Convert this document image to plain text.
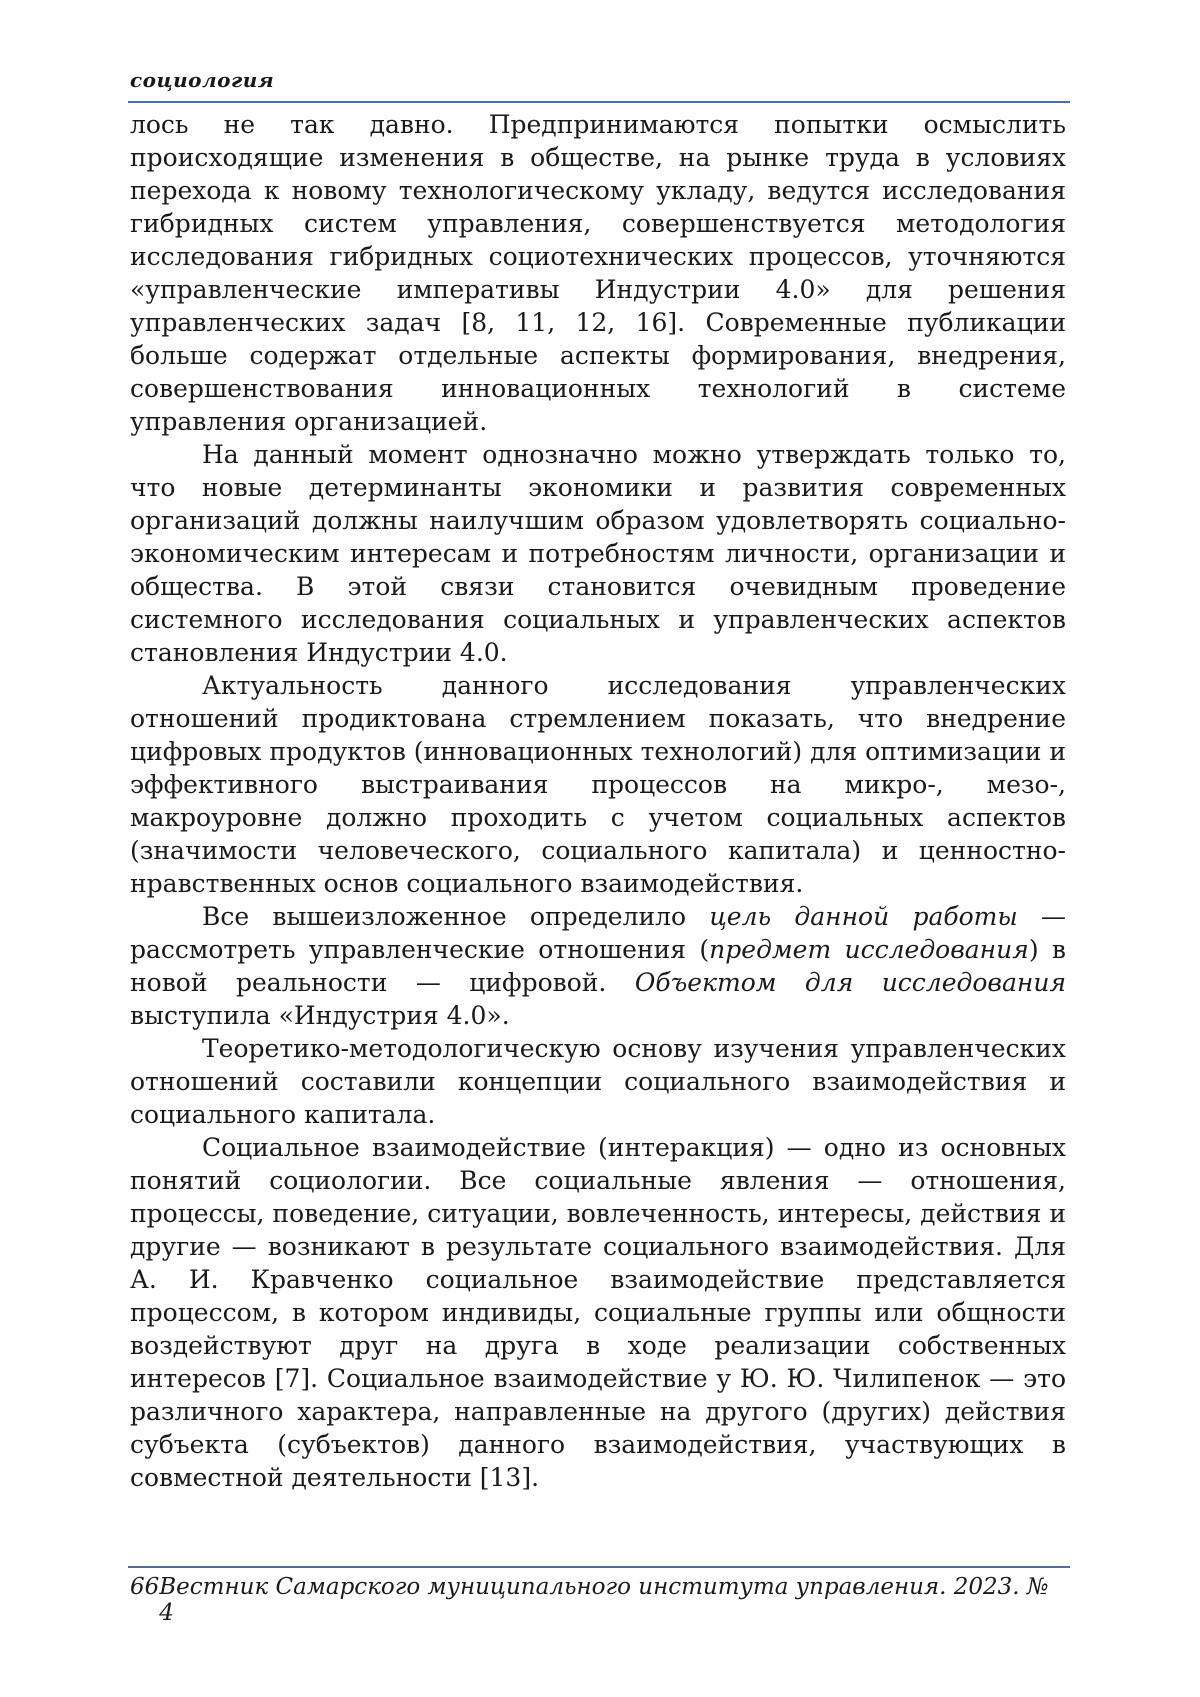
социология

лось не так давно. Предпринимаются попытки осмыслить происходящие изменения в обществе, на рынке труда в условиях перехода к новому технологическому укладу, ведутся исследования гибридных систем управления, совершенствуется методология исследования гибридных социотехнических процессов, уточняются «управленческие императивы Индустрии 4.0» для решения управленческих задач [8, 11, 12, 16]. Современные публикации больше содержат отдельные аспекты формирования, внедрения, совершенствования инновационных технологий в системе управления организацией.

На данный момент однозначно можно утверждать только то, что новые детерминанты экономики и развития современных организаций должны наилучшим образом удовлетворять социально-экономическим интересам и потребностям личности, организации и общества. В этой связи становится очевидным проведение системного исследования социальных и управленческих аспектов становления Индустрии 4.0.

Актуальность данного исследования управленческих отношений продиктована стремлением показать, что внедрение цифровых продуктов (инновационных технологий) для оптимизации и эффективного выстраивания процессов на микро-, мезо-, макроуровне должно проходить с учетом социальных аспектов (значимости человеческого, социального капитала) и ценностно-нравственных основ социального взаимодействия.

Все вышеизложенное определило цель данной работы — рассмотреть управленческие отношения (предмет исследования) в новой реальности — цифровой. Объектом для исследования выступила «Индустрия 4.0».

Теоретико-методологическую основу изучения управленческих отношений составили концепции социального взаимодействия и социального капитала.

Социальное взаимодействие (интеракция) — одно из основных понятий социологии. Все социальные явления — отношения, процессы, поведение, ситуации, вовлеченность, интересы, действия и другие — возникают в результате социального взаимодействия. Для А. И. Кравченко социальное взаимодействие представляется процессом, в котором индивиды, социальные группы или общности воздействуют друг на друга в ходе реализации собственных интересов [7]. Социальное взаимодействие у Ю. Ю. Чилипенок — это различного характера, направленные на другого (других) действия субъекта (субъектов) данного взаимодействия, участвующих в совместной деятельности [13].

66 Вестник Самарского муниципального института управления. 2023. № 4
